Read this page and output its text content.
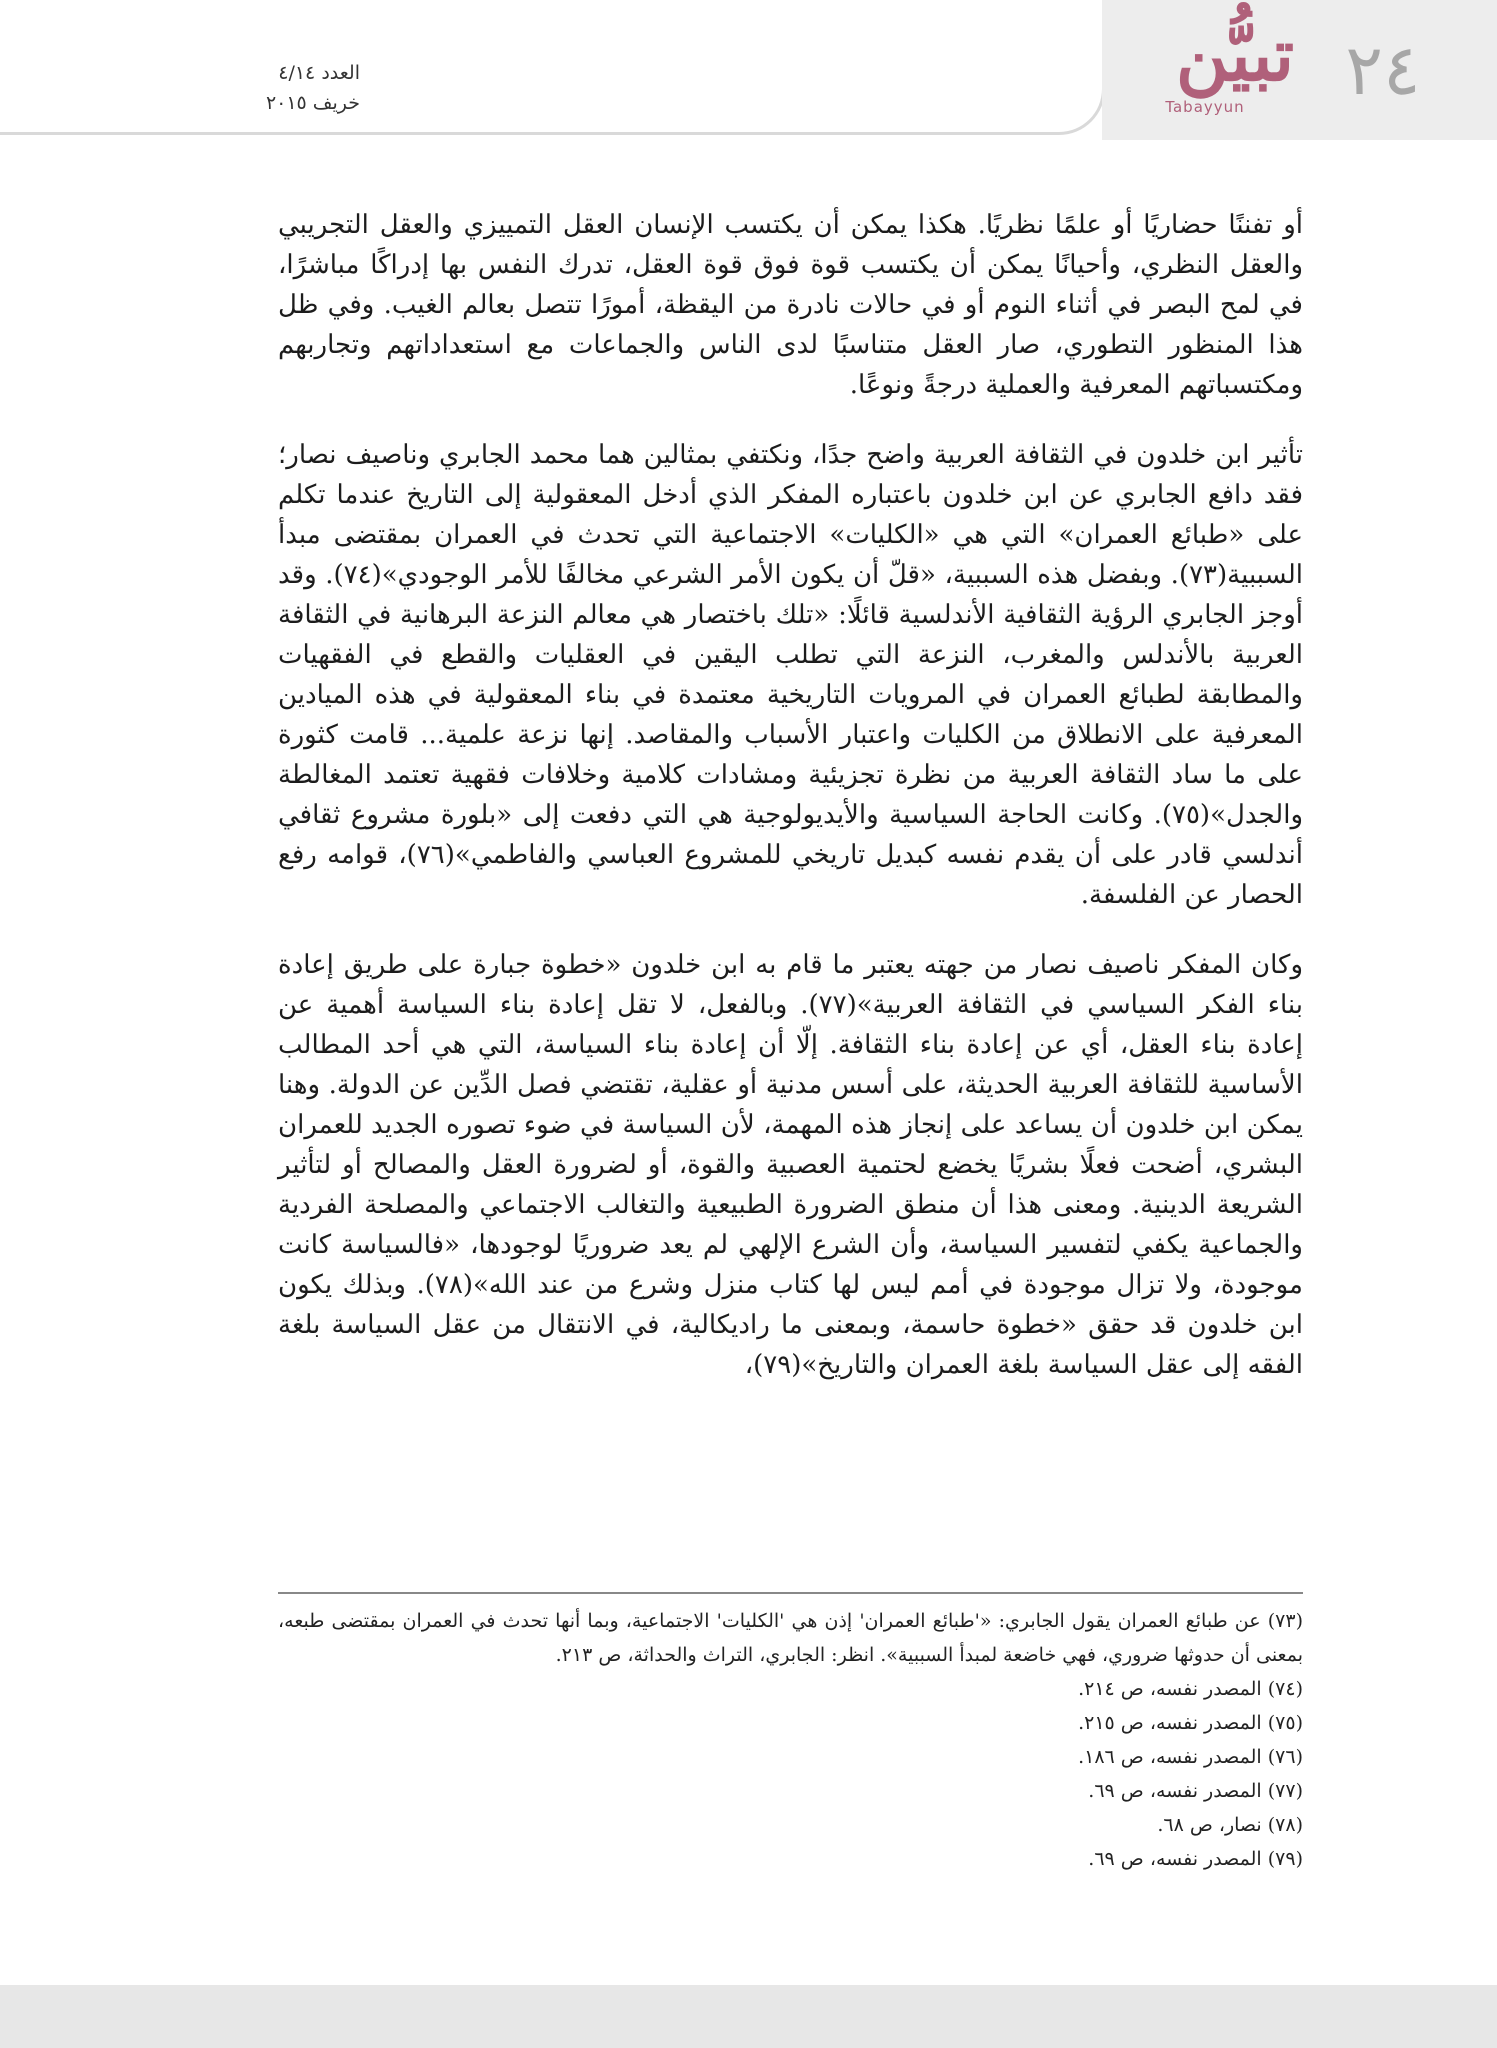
العدد ٤/١٤
خريف ٢٠١٥
تبيُّن
Tabayyun	٢٤

أو تفننًا حضاريًا أو علمًا نظريًا. هكذا يمكن أن يكتسب الإنسان العقل التمييزي والعقل التجريبي والعقل النظري، وأحيانًا يمكن أن يكتسب قوة فوق قوة العقل، تدرك النفس بها إدراكًا مباشرًا، في لمح البصر في أثناء النوم أو في حالات نادرة من اليقظة، أمورًا تتصل بعالم الغيب. وفي ظل هذا المنظور التطوري، صار العقل متناسبًا لدى الناس والجماعات مع استعداداتهم وتجاربهم ومكتسباتهم المعرفية والعملية درجةً ونوعًا.

تأثير ابن خلدون في الثقافة العربية واضح جدًا، ونكتفي بمثالين هما محمد الجابري وناصيف نصار؛ فقد دافع الجابري عن ابن خلدون باعتباره المفكر الذي أدخل المعقولية إلى التاريخ عندما تكلم على «طبائع العمران» التي هي «الكليات» الاجتماعية التي تحدث في العمران بمقتضى مبدأ السببية(٧٣). وبفضل هذه السببية، «قلّ أن يكون الأمر الشرعي مخالفًا للأمر الوجودي»(٧٤). وقد أوجز الجابري الرؤية الثقافية الأندلسية قائلًا: «تلك باختصار هي معالم النزعة البرهانية في الثقافة العربية بالأندلس والمغرب، النزعة التي تطلب اليقين في العقليات والقطع في الفقهيات والمطابقة لطبائع العمران في المرويات التاريخية معتمدة في بناء المعقولية في هذه الميادين المعرفية على الانطلاق من الكليات واعتبار الأسباب والمقاصد. إنها نزعة علمية... قامت كثورة على ما ساد الثقافة العربية من نظرة تجزيئية ومشادات كلامية وخلافات فقهية تعتمد المغالطة والجدل»(٧٥). وكانت الحاجة السياسية والأيديولوجية هي التي دفعت إلى «بلورة مشروع ثقافي أندلسي قادر على أن يقدم نفسه كبديل تاريخي للمشروع العباسي والفاطمي»(٧٦)، قوامه رفع الحصار عن الفلسفة.

وكان المفكر ناصيف نصار من جهته يعتبر ما قام به ابن خلدون «خطوة جبارة على طريق إعادة بناء الفكر السياسي في الثقافة العربية»(٧٧). وبالفعل، لا تقل إعادة بناء السياسة أهمية عن إعادة بناء العقل، أي عن إعادة بناء الثقافة. إلّا أن إعادة بناء السياسة، التي هي أحد المطالب الأساسية للثقافة العربية الحديثة، على أسس مدنية أو عقلية، تقتضي فصل الدِّين عن الدولة. وهنا يمكن ابن خلدون أن يساعد على إنجاز هذه المهمة، لأن السياسة في ضوء تصوره الجديد للعمران البشري، أضحت فعلًا بشريًا يخضع لحتمية العصبية والقوة، أو لضرورة العقل والمصالح أو لتأثير الشريعة الدينية. ومعنى هذا أن منطق الضرورة الطبيعية والتغالب الاجتماعي والمصلحة الفردية والجماعية يكفي لتفسير السياسة، وأن الشرع الإلهي لم يعد ضروريًا لوجودها، «فالسياسة كانت موجودة، ولا تزال موجودة في أمم ليس لها كتاب منزل وشرع من عند الله»(٧٨). وبذلك يكون ابن خلدون قد حقق «خطوة حاسمة، وبمعنى ما راديكالية، في الانتقال من عقل السياسة بلغة الفقه إلى عقل السياسة بلغة العمران والتاريخ»(٧٩)،

(٧٣) عن طبائع العمران يقول الجابري: «'طبائع العمران' إذن هي 'الكليات' الاجتماعية، وبما أنها تحدث في العمران بمقتضى طبعه، بمعنى أن حدوثها ضروري، فهي خاضعة لمبدأ السببية». انظر: الجابري، التراث والحداثة، ص ٢١٣.
(٧٤) المصدر نفسه، ص ٢١٤.
(٧٥) المصدر نفسه، ص ٢١٥.
(٧٦) المصدر نفسه، ص ١٨٦.
(٧٧) المصدر نفسه، ص ٦٩.
(٧٨) نصار، ص ٦٨.
(٧٩) المصدر نفسه، ص ٦٩.
